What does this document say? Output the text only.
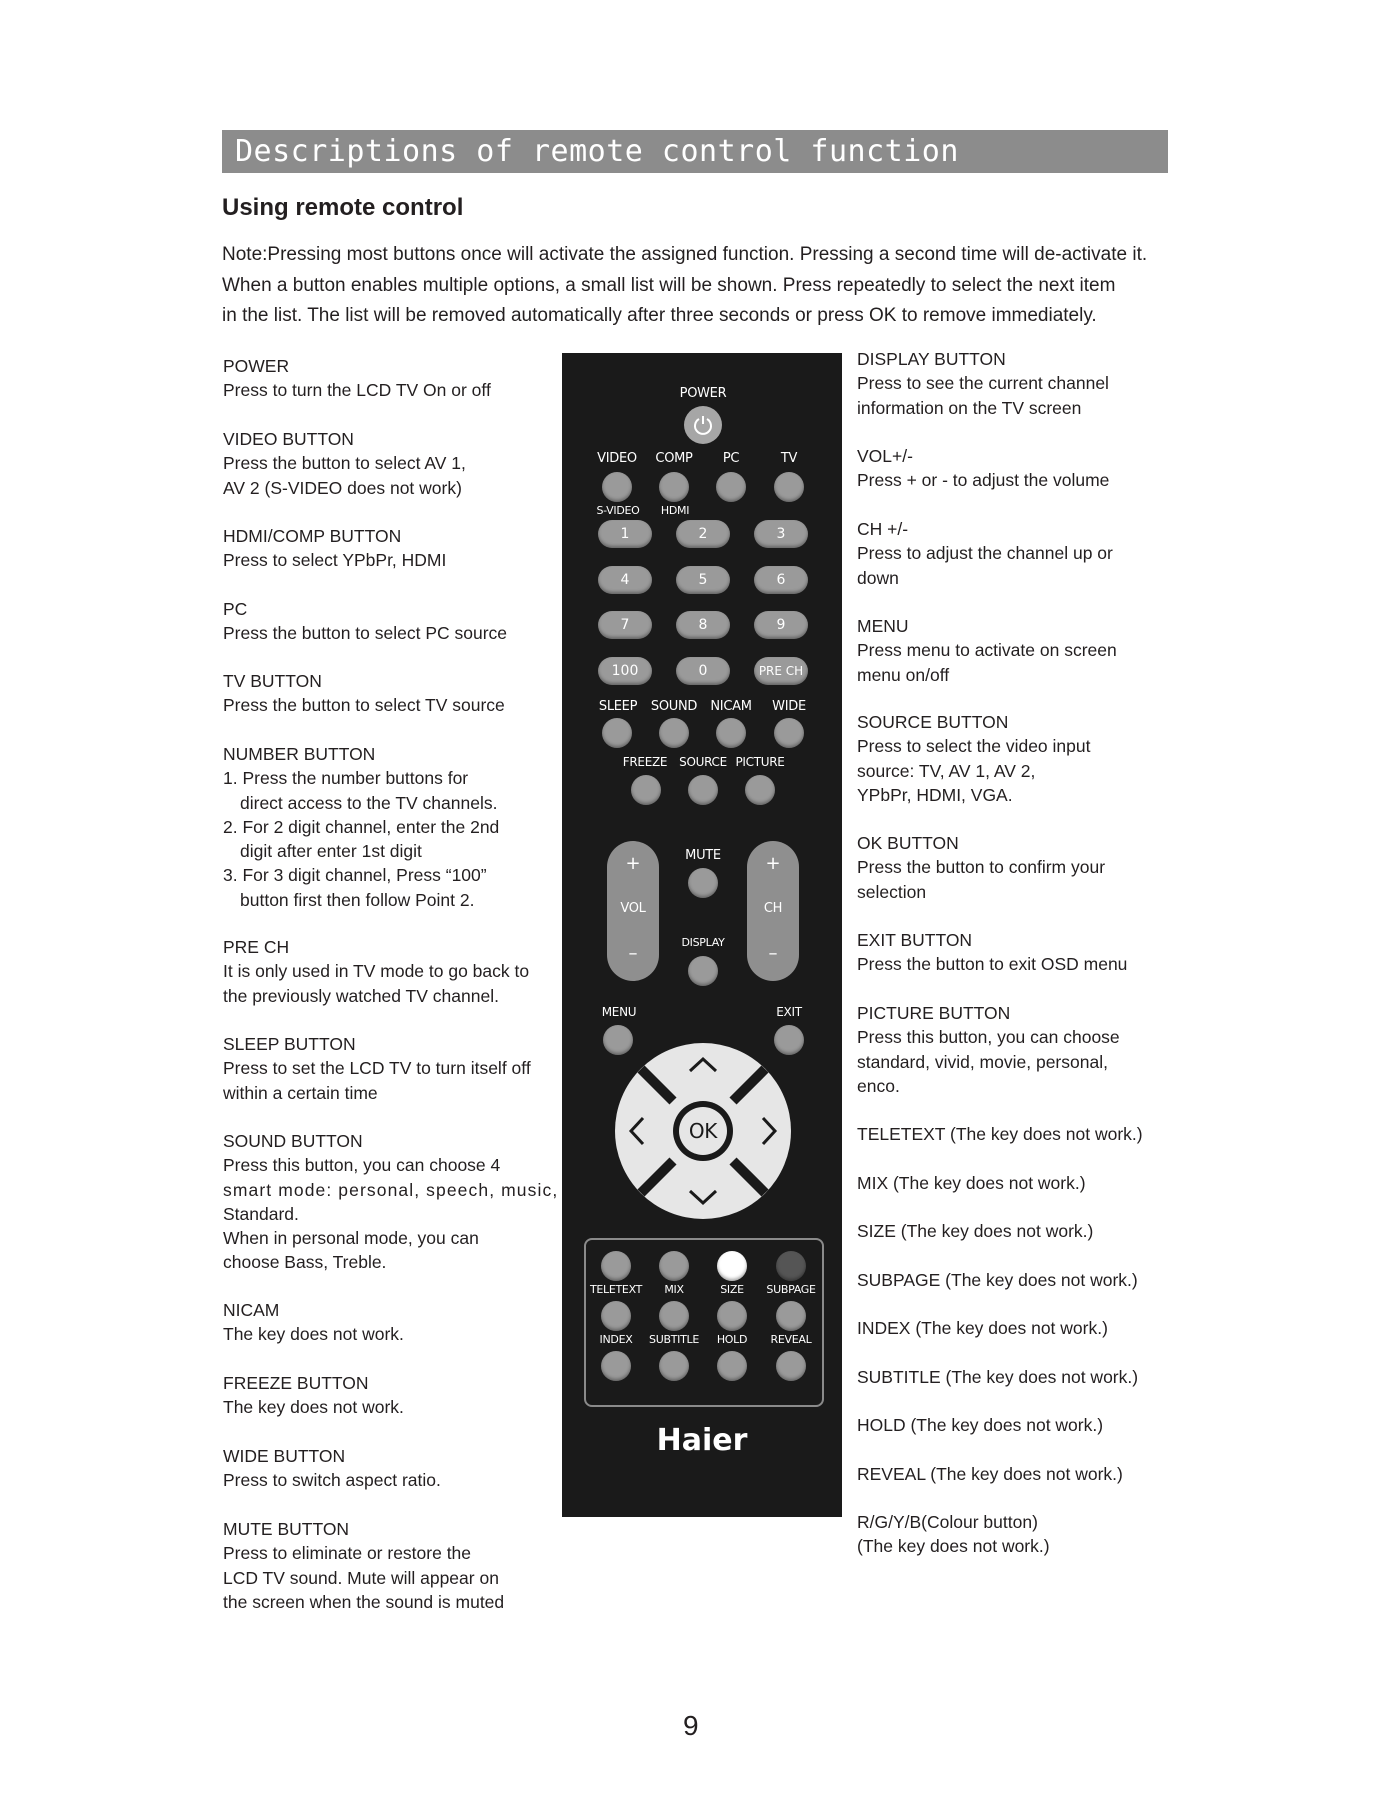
Descriptions of remote control function
Using remote control

Note:Pressing most buttons once will activate the assigned function. Pressing a second time will de-activate it.

When a button enables multiple options, a small list will be shown. Press repeatedly to select the next item

in the list. The list will be removed automatically after three seconds or press OK to remove immediately.

POWER
Press to turn the LCD TV On or off
VIDEO BUTTON
Press the button to select AV 1,
AV 2 (S-VIDEO does not work)
HDMI/COMP BUTTON
Press to select YPbPr, HDMI
PC
Press the button to select PC source
TV BUTTON
Press the button to select TV source
NUMBER BUTTON
1. Press the number buttons for
direct access to the TV channels.
2. For 2 digit channel, enter the 2nd
digit after enter 1st digit
3. For 3 digit channel, Press “100”
button first then follow Point 2.
PRE CH
It is only used in TV mode to go back to
the previously watched TV channel.
SLEEP BUTTON
Press to set the LCD TV to turn itself off
within a certain time
SOUND BUTTON
Press this button, you can choose 4
smart mode: personal, speech, music,
Standard.
When in personal mode, you can
choose Bass, Treble.
NICAM
The key does not work.
FREEZE BUTTON
The key does not work.
WIDE BUTTON
Press to switch aspect ratio.
MUTE BUTTON
Press to eliminate or restore the
LCD TV sound. Mute will appear on
the screen when the sound is muted
DISPLAY BUTTON
Press to see the current channel
information on the TV screen
VOL+/-
Press + or - to adjust the volume
CH +/-
Press to adjust the channel up or
down
MENU
Press menu to activate on screen
menu on/off
SOURCE BUTTON
Press to select the video input
source: TV, AV 1, AV 2,
YPbPr, HDMI, VGA.
OK BUTTON
Press the button to confirm your
selection
EXIT BUTTON
Press the button to exit OSD menu
PICTURE BUTTON
Press this button, you can choose
standard, vivid, movie, personal,
enco.
TELETEXT (The key does not work.)
MIX (The key does not work.)
SIZE (The key does not work.)
SUBPAGE (The key does not work.)
INDEX (The key does not work.)
SUBTITLE (The key does not work.)
HOLD (The key does not work.)
REVEAL (The key does not work.)
R/G/Y/B(Colour button)
(The key does not work.)
POWER
VIDEO COMP PC	TV
S-VIDEO HDMI
1	2	3
4	5	6
7	8	9
100	0	PRE CH
SLEEP SOUND NICAM WIDE
FREEZE SOURCE PICTURE
+
VOL
–
+
CH
–
MUTE
DISPLAY
MENU	EXIT
OK
TELETEXT MIX	SIZE SUBPAGE
INDEX SUBTITLE HOLD REVEAL
Haier
9
